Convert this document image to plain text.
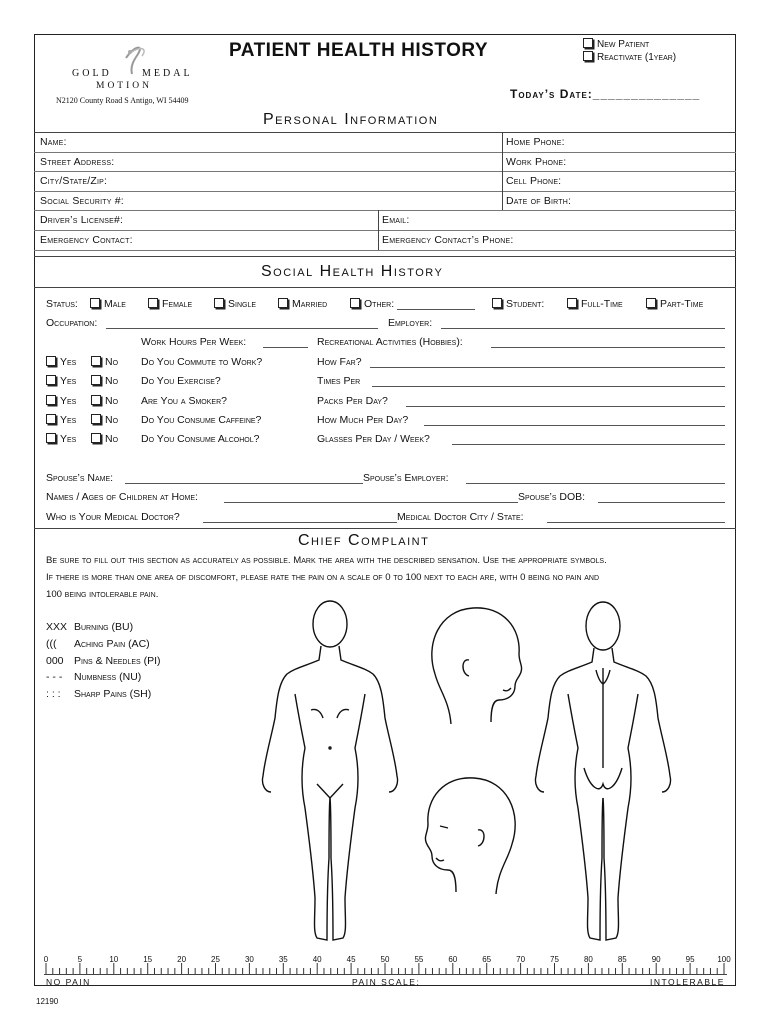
GOLD	MEDAL
MOTION
N2120 County Road S Antigo, WI 54409
PATIENT HEALTH HISTORY	New Patient
Reactivate (1year)
Today’s Date:______________
Personal Information
Name:	Home Phone:
Street Address:	Work Phone:
City/State/Zip:	Cell Phone:
Social Security #:	Date of Birth:
Driver’s License#:	Email:
Emergency Contact:	Emergency Contact’s Phone:
Social Health History
Status:	Male	Female	Single	Married	Other:	Student:	Full-Time	Part-Time
Occupation:	Employer:
Work Hours Per Week:	Recreational Activities (Hobbies):
Yes	No Do You Commute to Work?	How Far?
Yes	No Do You Exercise?	Times Per
Yes	No Are You a Smoker?	Packs Per Day?
Yes	No Do You Consume Caffeine?	How Much Per Day?
Yes	No Do You Consume Alcohol?	Glasses Per Day / Week?
Spouse’s Name:	Spouse’s Employer:
Names / Ages of Children at Home:	Spouse’s DOB:
Who is Your Medical Doctor?	Medical Doctor City / State:
Chief Complaint
Be sure to fill out this section as accurately as possible. Mark the area with the described sensation. Use the appropriate symbols.
If there is more than one area of discomfort, please rate the pain on a scale of 0 to 100 next to each are, with 0 being no pain and
100 being intolerable pain.
XXX Burning (BU)
((( Aching Pain (AC)
000 Pins & Needles (PI)
- - - Numbness (NU)
: : : Sharp Pains (SH)
0	5	10	15	20	25	30	35	40	45	50	55	60	65	70	75	80	85	90	95	100
NO PAIN	PAIN SCALE:	INTOLERABLE
12190
